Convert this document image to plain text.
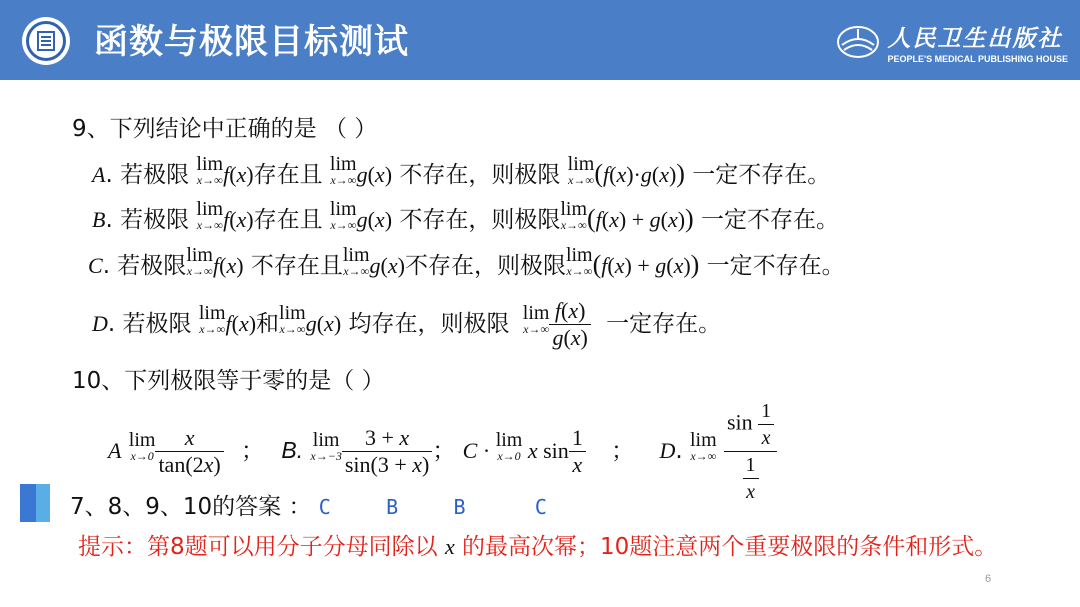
函数与极限目标测试	人民卫生出版社
PEOPLE'S MEDICAL PUBLISHING HOUSE
9、下列结论中正确的是 （ ）
A. 若极限 lim
x→∞ f(x)存在且 lim
x→∞ g(x) 不存在，则极限 lim
x→∞ (f(x)·g(x)) 一定不存在。
B. 若极限 lim
x→∞ f(x)存在且 lim
x→∞ g(x) 不存在，则极限lim
x→∞ (f(x) + g(x)) 一定不存在。
C. 若极限lim
x→∞ f(x) 不存在且lim
x→∞ g(x)不存在，则极限lim
x→∞ (f(x) + g(x)) 一定不存在。
D. 若极限 lim
x→∞ f(x)和lim
x→∞ g(x) 均存在，则极限 lim
$x\to\infty \frac{f(x)}{g(x)}$ 一定存在。
10、下列极限等于零的是（ ）
A lim
$x\to 0 \frac{x}{\tan(2x)}$ ； B. lim
$x\to-3 \frac{3 + x}{\sin(3 + x)}$ ； C · lim
x→0 x $\sin \frac{1}{x}$ ； D. lim
x→∞
$\frac{\sin \frac{1}{x}}{\frac{1}{x}}$
7、8、9、10的答案 ： C	B	B	C
提示：第8题可以用分子分母同除以 x 的最高次幂；10题注意两个重要极限的条件和形式。
6
